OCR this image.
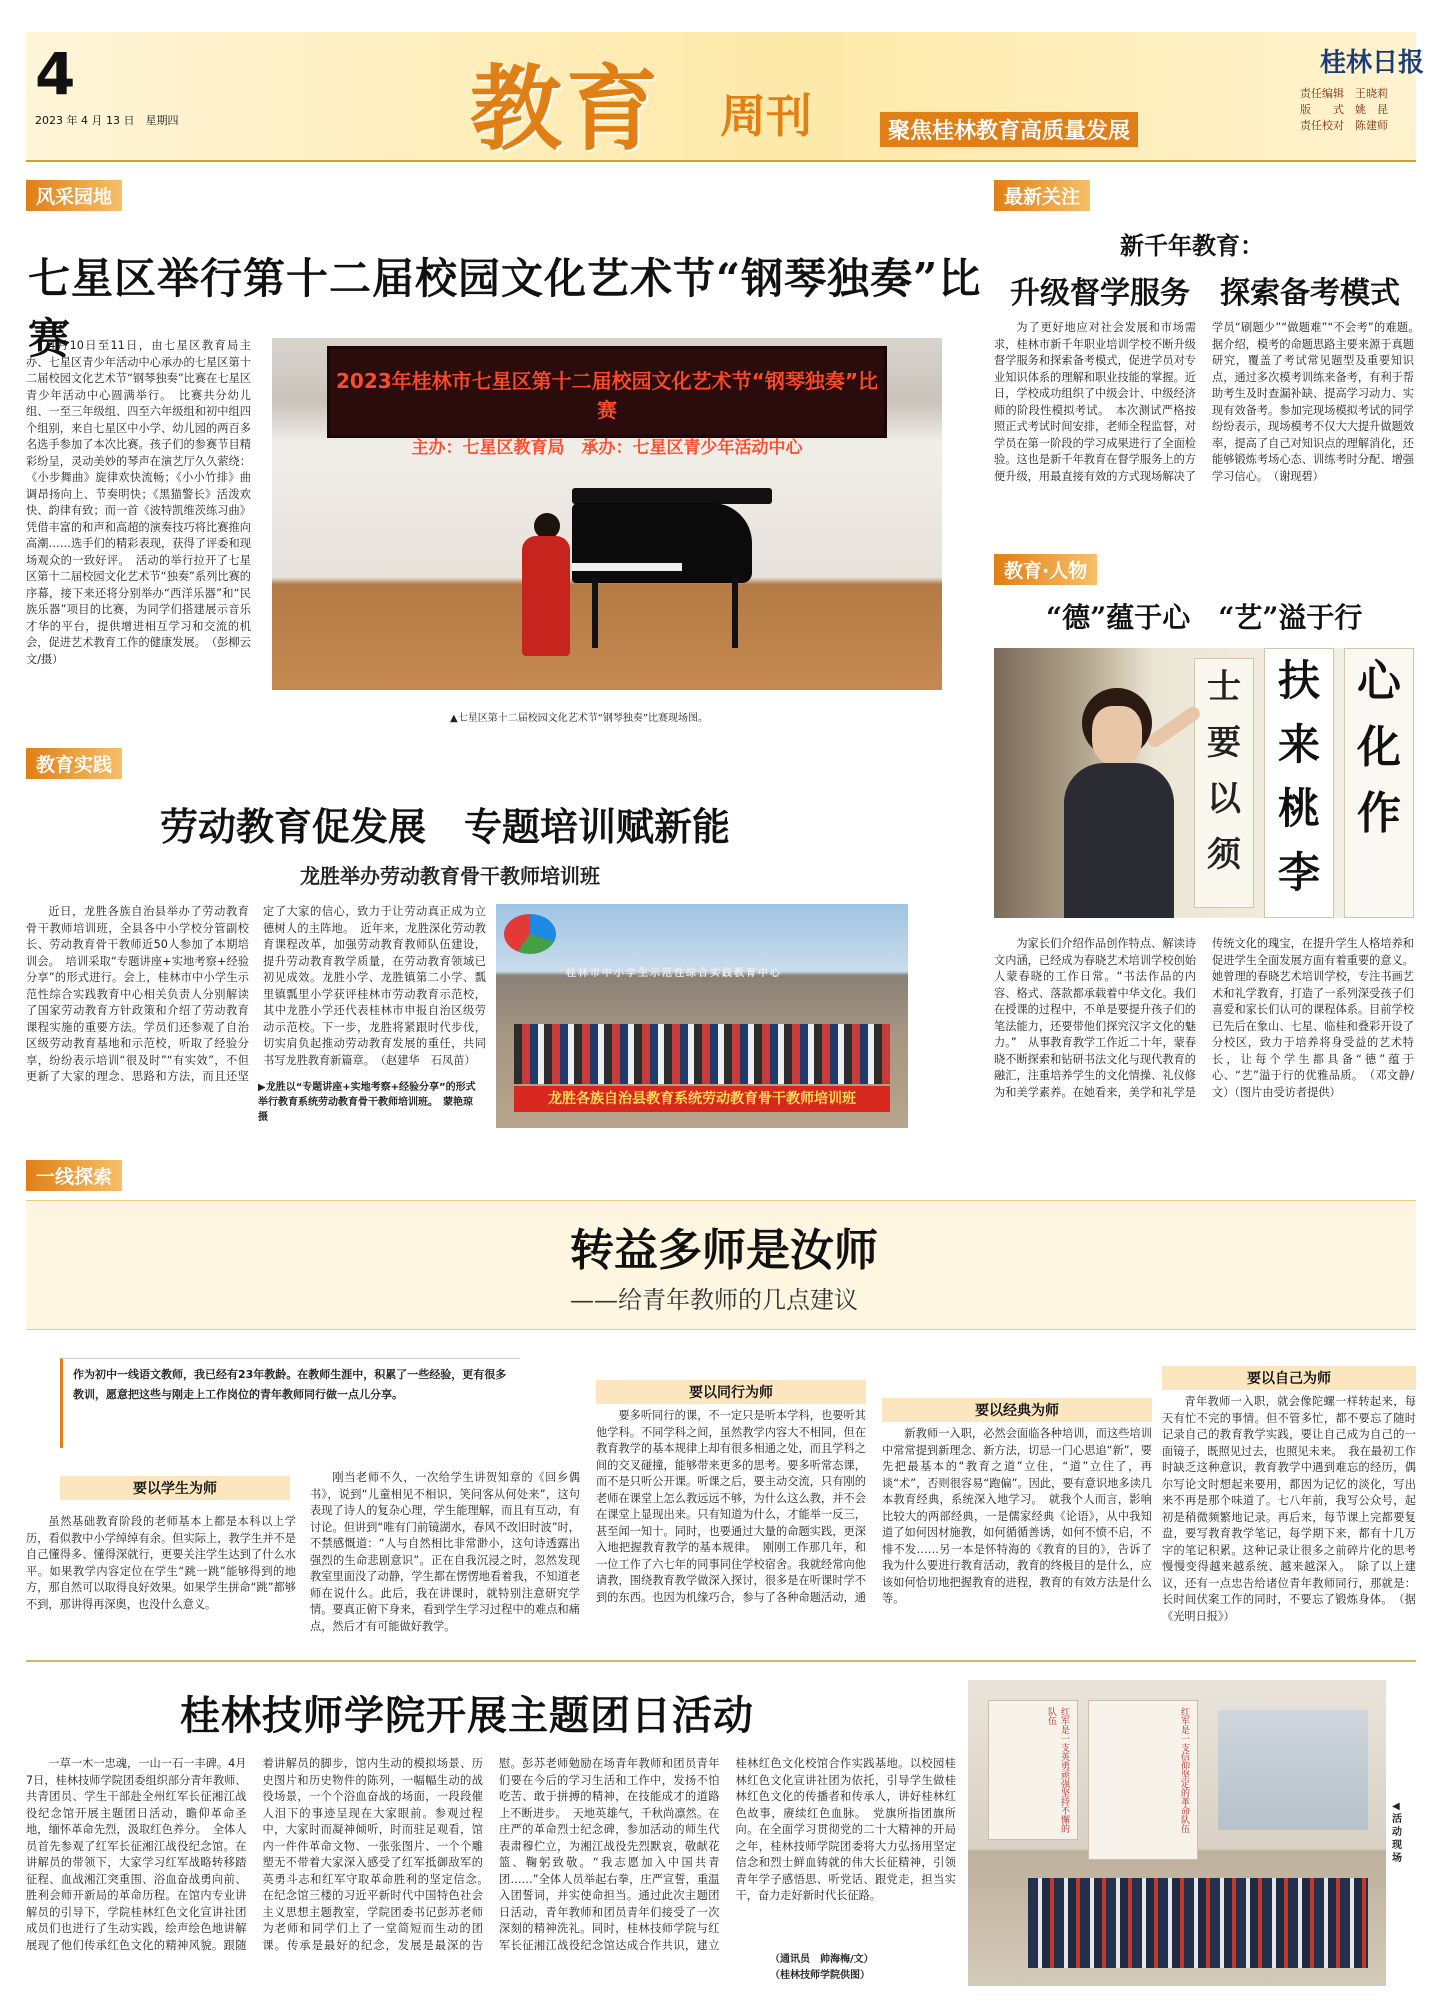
4
2023 年 4 月 13 日　星期四	教育 周刊	聚焦桂林教育高质量发展
桂林日报
责任编辑　王晓莉
版　　式　姚　昆
责任校对　陈建师
风采园地
七星区举行第十二届校园文化艺术节“钢琴独奏”比赛
4月10日至11日，由七星区教育局主办、七星区青少年活动中心承办的七星区第十二届校园文化艺术节“钢琴独奏”比赛在七星区青少年活动中心圆满举行。　比赛共分幼儿组、一至三年级组、四至六年级组和初中组四个组别，来自七星区中小学、幼儿园的两百多名选手参加了本次比赛。孩子们的参赛节目精彩纷呈，灵动美妙的琴声在演艺厅久久萦绕：《小步舞曲》旋律欢快流畅；《小小竹排》曲调昂扬向上、节奏明快；《黑猫警长》活泼欢快、韵律有致；而一首《波特凯维茨练习曲》凭借丰富的和声和高超的演奏技巧将比赛推向高潮……选手们的精彩表现，获得了评委和现场观众的一致好评。　活动的举行拉开了七星区第十二届校园文化艺术节“独奏”系列比赛的序幕，接下来还将分别举办“西洋乐器”和“民族乐器”项目的比赛，为同学们搭建展示音乐才华的平台，提供增进相互学习和交流的机会，促进艺术教育工作的健康发展。　（彭柳云　文/摄）
2023年桂林市七星区第十二届校园文化艺术节“钢琴独奏”比赛
主办：七星区教育局　承办：七星区青少年活动中心
▲七星区第十二届校园文化艺术节“钢琴独奏”比赛现场图。
最新关注
新千年教育：
升级督学服务　探索备考模式
为了更好地应对社会发展和市场需求，桂林市新千年职业培训学校不断升级督学服务和探索备考模式，促进学员对专业知识体系的理解和职业技能的掌握。近日，学校成功组织了中级会计、中级经济师的阶段性模拟考试。　本次测试严格按照正式考试时间安排，老师全程监督，对学员在第一阶段的学习成果进行了全面检验。这也是新千年教育在督学服务上的方便升级，用最直接有效的方式现场解决了学员“刷题少”“做题难”“不会考”的难题。　据介绍，模考的命题思路主要来源于真题研究，覆盖了考试常见题型及重要知识点，通过多次模考训练来备考，有利于帮助考生及时查漏补缺、提高学习动力、实现有效备考。参加完现场模拟考试的同学纷纷表示，现场模考不仅大大提升做题效率，提高了自己对知识点的理解消化，还能够锻炼考场心态、训练考时分配、增强学习信心。　（谢现碧）
教育·人物
“德”蕴于心　“艺”溢于行
士
要
以
须
扶
来
桃
李
心
化
作
为家长们介绍作品创作特点、解读诗文内涵，已经成为春晓艺术培训学校创始人蒙春晓的工作日常。“书法作品的内容、格式、落款都承载着中华文化。我们在授课的过程中，不单是要提升孩子们的笔法能力，还要带他们探究汉字文化的魅力。”　从事教育教学工作近二十年，蒙春晓不断探索和钻研书法文化与现代教育的融汇，注重培养学生的文化情操、礼仪修为和美学素养。在她看来，美学和礼学是传统文化的瑰宝，在提升学生人格培养和促进学生全面发展方面有着重要的意义。她曾理的春晓艺术培训学校，专注书画艺术和礼学教育，打造了一系列深受孩子们喜爱和家长们认可的课程体系。目前学校已先后在象山、七星、临桂和叠彩开设了分校区，致力于培养将身受益的艺术特长，让每个学生都具备“德”蕴于心、“艺”溢于行的优雅品质。　（邓文静/文）（图片由受访者提供）
教育实践
劳动教育促发展　专题培训赋新能
龙胜举办劳动教育骨干教师培训班
近日，龙胜各族自治县举办了劳动教育骨干教师培训班，全县各中小学校分管副校长、劳动教育骨干教师近50人参加了本期培训会。　培训采取“专题讲座+实地考察+经验分享”的形式进行。会上，桂林市中小学生示范性综合实践教育中心相关负责人分别解读了国家劳动教育方针政策和介绍了劳动教育课程实施的重要方法。学员们还参观了自治区级劳动教育基地和示范校，听取了经验分享，纷纷表示培训“很及时”“有实效”，不但更新了大家的理念、思路和方法，而且还坚定了大家的信心，致力于让劳动真正成为立德树人的主阵地。　近年来，龙胜深化劳动教育课程改革，加强劳动教育教师队伍建设，提升劳动教育教学质量，在劳动教育领域已初见成效。龙胜小学、龙胜镇第二小学、瓢里镇瓢里小学获评桂林市劳动教育示范校，其中龙胜小学还代表桂林市申报自治区级劳动示范校。下一步，龙胜将紧跟时代步伐，切实肩负起推动劳动教育发展的重任，共同书写龙胜教育新篇章。　（赵建华　石凤苗）
桂林市中小学生示范性综合实践教育中心
龙胜各族自治县教育系统劳动教育骨干教师培训班
▶龙胜以“专题讲座+实地考察+经验分享”的形式举行教育系统劳动教育骨干教师培训班。　蒙艳琼　摄
一线探索
转益多师是汝师
——给青年教师的几点建议
作为初中一线语文教师，我已经有23年教龄。在教师生涯中，积累了一些经验，更有很多教训，愿意把这些与刚走上工作岗位的青年教师同行做一点儿分享。
要以学生为师
虽然基础教育阶段的老师基本上都是本科以上学历，看似教中小学绰绰有余。但实际上，教学生并不是自己懂得多、懂得深就行，更要关注学生达到了什么水平。如果教学内容定位在学生“跳一跳”能够得到的地方，那自然可以取得良好效果。如果学生拼命“跳”都够不到，那讲得再深奥，也没什么意义。
刚当老师不久，一次给学生讲贺知章的《回乡偶书》，说到“儿童相见不相识，笑问客从何处来”，这句表现了诗人的复杂心理，学生能理解，而且有互动，有讨论。但讲到“唯有门前镜湖水，春风不改旧时波”时，不禁感慨道：“人与自然相比非常渺小，这句诗透露出强烈的生命悲剧意识”。正在自我沉浸之时，忽然发现教室里面没了动静，学生都在愣愣地看着我，不知道老师在说什么。此后，我在讲课时，就特别注意研究学情。要真正俯下身来，看到学生学习过程中的难点和痛点，然后才有可能做好教学。
要以同行为师
要多听同行的课，不一定只是听本学科，也要听其他学科。不同学科之间，虽然教学内容大不相同，但在教育教学的基本规律上却有很多相通之处，而且学科之间的交叉碰撞，能够带来更多的思考。要多听常态课，而不是只听公开课。听课之后，要主动交流，只有刚的老师在课堂上怎么教远远不够，为什么这么教，并不会在课堂上显现出来。只有知道为什么，才能举一反三，甚至闻一知十。同时，也要通过大量的命题实践，更深入地把握教育教学的基本规律。　刚刚工作那几年，和一位工作了六七年的同事同住学校宿舍。我就经常向他请教，围绕教育教学做深入探讨，很多是在听课时学不到的东西。也因为机缘巧合，参与了各种命题活动，通
要以经典为师
新教师一入职，必然会面临各种培训，而这些培训中常常提到新理念、新方法，切忌一门心思追“新”，要先把最基本的“教育之道”立住，“道”立住了，再谈“术”，否则很容易“跑偏”。因此，要有意识地多读几本教育经典，系统深入地学习。　就我个人而言，影响比较大的两部经典，一是儒家经典《论语》，从中我知道了如何因材施教，如何循循善诱，如何不愤不启，不悱不发……另一本是怀特海的《教育的目的》，告诉了我为什么要进行教育活动，教育的终极目的是什么，应该如何恰切地把握教育的进程，教育的有效方法是什么等。
要以自己为师
青年教师一入职，就会像陀螺一样转起来，每天有忙不完的事情。但不管多忙，都不要忘了随时记录自己的教育教学实践，要让自己成为自己的一面镜子，既照见过去，也照见未来。　我在最初工作时缺乏这种意识，教育教学中遇到难忘的经历，偶尔写论文时想起来要用，都因为记忆的淡化，写出来不再是那个味道了。七八年前，我写公众号，起初是稍微频繁地记录。再后来，每节课上完都要复盘，要写教育教学笔记，每学期下来，都有十几万字的笔记积累。这种记录让很多之前碎片化的思考慢慢变得越来越系统、越来越深入。　除了以上建议，还有一点忠告给诸位青年教师同行，那就是：长时间伏案工作的同时，不要忘了锻炼身体。　（据《光明日报》）
桂林技师学院开展主题团日活动
一草一木一忠魂，一山一石一丰碑。4月7日，桂林技师学院团委组织部分青年教师、共青团员、学生干部赴全州红军长征湘江战役纪念馆开展主题团日活动，瞻仰革命圣地，缅怀革命先烈，汲取红色养分。　全体人员首先参观了红军长征湘江战役纪念馆。在讲解员的带领下，大家学习红军战略转移踏征程、血战湘江突重围、浴血奋战勇向前、胜利会师开新局的革命历程。在馆内专业讲解员的引导下，学院桂林红色文化宣讲社团成员们也进行了生动实践，绘声绘色地讲解展现了他们传承红色文化的精神风貌。跟随着讲解员的脚步，馆内生动的模拟场景、历史图片和历史物件的陈列，一幅幅生动的战役场景，一个个浴血奋战的场面，一段段催人泪下的事迹呈现在大家眼前。参观过程中，大家时而凝神倾听，时而驻足观看，馆内一件件革命文物、一张张图片、一个个雕塑无不带着大家深入感受了红军抵御敌军的英勇斗志和红军守取革命胜利的坚定信念。　在纪念馆三楼的习近平新时代中国特色社会主义思想主题教室，学院团委书记彭苏老师为老师和同学们上了一堂简短而生动的团课。传承是最好的纪念，发展是最深的告慰。彭苏老师勉励在场青年教师和团员青年们要在今后的学习生活和工作中，发扬不怕吃苦、敢于拼搏的精神，在技能成才的道路上不断进步。　天地英雄气，千秋尚凛然。在庄严的革命烈士纪念碑，参加活动的师生代表肃穆伫立，为湘江战役先烈默哀，敬献花篮、鞠躬致敬。“我志愿加入中国共青团……”全体人员举起右拳，庄严宣誓，重温入团誓词，并实使命担当。通过此次主题团日活动，青年教师和团员青年们接受了一次深刻的精神洗礼。同时，桂林技师学院与红军长征湘江战役纪念馆达成合作共识，建立桂林红色文化校馆合作实践基地。以校园桂林红色文化宣讲社团为依托，引导学生做桂林红色文化的传播者和传承人，讲好桂林红色故事，赓续红色血脉。　党旗所指团旗所向。在全面学习贯彻党的二十大精神的开局之年，桂林技师学院团委将大力弘扬用坚定信念和烈士鲜血铸就的伟大长征精神，引领青年学子感悟思、听党话、跟党走，担当实干，奋力走好新时代长征路。
（通讯员　帅海梅/文）
（桂林技师学院供图）
红军是一支英勇顽强坚持不懈的队伍	红军是一支信仰坚定的革命队伍	◀活动现场
